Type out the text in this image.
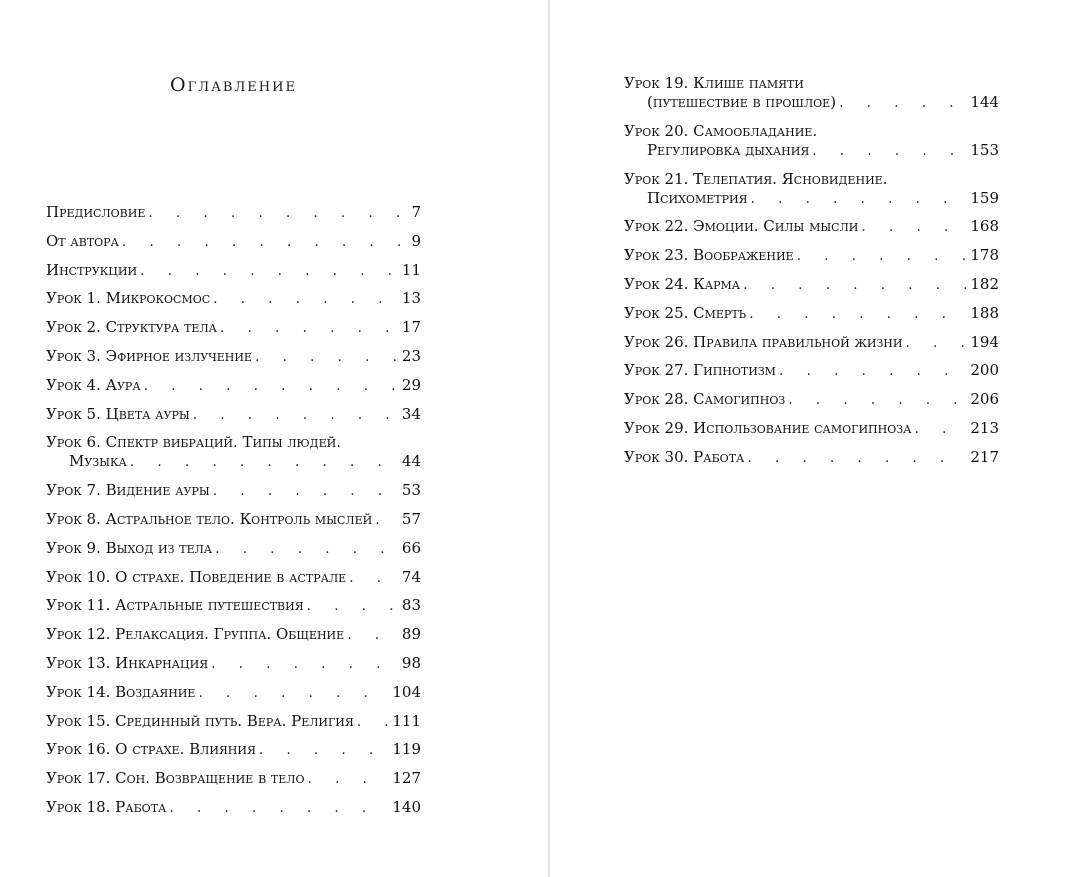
Оглавление
Предисловие . . .	7
От автора . . .	9
Инструкции . . .	11
Урок 1. Микрокосмос . . .	13
Урок 2. Структура тела . . .	17
Урок 3. Эфирное излучение . . .	23
Урок 4. Аура . . .	29
Урок 5. Цвета ауры . . .	34
Урок 6. Спектр вибраций. Типы людей.
Музыка . . .	44
Урок 7. Видение ауры . . .	53
Урок 8. Астральное тело. Контроль мыслей . . . 57
Урок 9. Выход из тела . . .	66
Урок 10. О страхе. Поведение в астрале . . .	74
Урок 11. Астральные путешествия . . .	83
Урок 12. Релаксация. Группа. Общение . . .	89
Урок 13. Инкарнация . . .	98
Урок 14. Воздаяние . . .	104
Урок 15. Срединный путь. Вера. Религия . . .	111
Урок 16. О страхе. Влияния . . .	119
Урок 17. Сон. Возвращение в тело . . .	127
Урок 18. Работа . . .	140
Урок 19. Клише памяти
(путешествие в прошлое) . . .	144
Урок 20. Самообладание.
Регулировка дыхания . . .	153
Урок 21. Телепатия. Ясновидение.
Психометрия . . .	159
Урок 22. Эмоции. Силы мысли . . .	168
Урок 23. Воображение . . .	178
Урок 24. Карма . . .	182
Урок 25. Смерть . . .	188
Урок 26. Правила правильной жизни . . .	194
Урок 27. Гипнотизм . . .	200
Урок 28. Самогипноз . . .	206
Урок 29. Использование самогипноза . . .	213
Урок 30. Работа . . .	217
